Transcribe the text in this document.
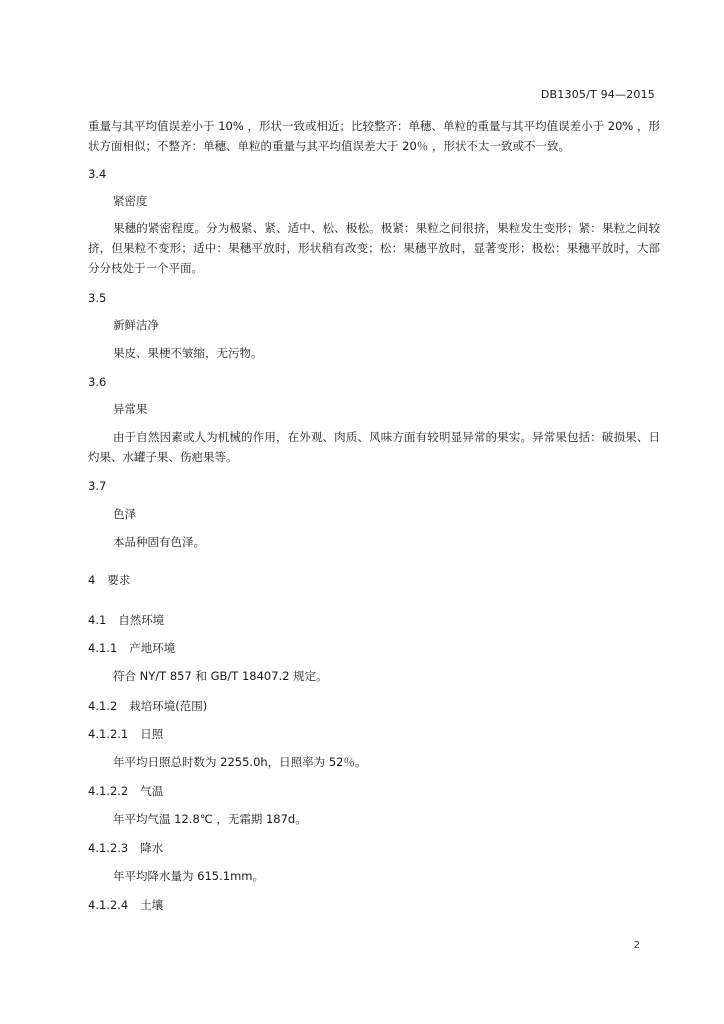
DB1305/T 94—2015
重量与其平均值误差小于 10% ，形状一致或相近；比较整齐：单穗、单粒的重量与其平均值误差小于 20% ，形状方面相似；不整齐：单穗、单粒的重量与其平均值误差大于 20％ ，形状不太一致或不一致。
3.4
紧密度
果穗的紧密程度。分为极紧、紧、适中、松、极松。极紧：果粒之间很挤，果粒发生变形；紧：果粒之间较挤，但果粒不变形；适中：果穗平放时，形状稍有改变；松：果穗平放时，显著变形；极松：果穗平放时，大部分分枝处于一个平面。
3.5
新鲜洁净
果皮、果梗不皱缩，无污物。
3.6
异常果
由于自然因素或人为机械的作用，在外观、肉质、风味方面有较明显异常的果实。异常果包括：破损果、日灼果、水罐子果、伤疤果等。
3.7
色泽
本品种固有色泽。
4 要求
4.1 自然环境
4.1.1 产地环境
符合 NY/T 857 和 GB/T 18407.2 规定。
4.1.2 栽培环境(范围)
4.1.2.1 日照
年平均日照总时数为 2255.0h，日照率为 52％。
4.1.2.2 气温
年平均气温 12.8℃ ，无霜期 187d。
4.1.2.3 降水
年平均降水量为 615.1mm。
4.1.2.4 土壤
2
